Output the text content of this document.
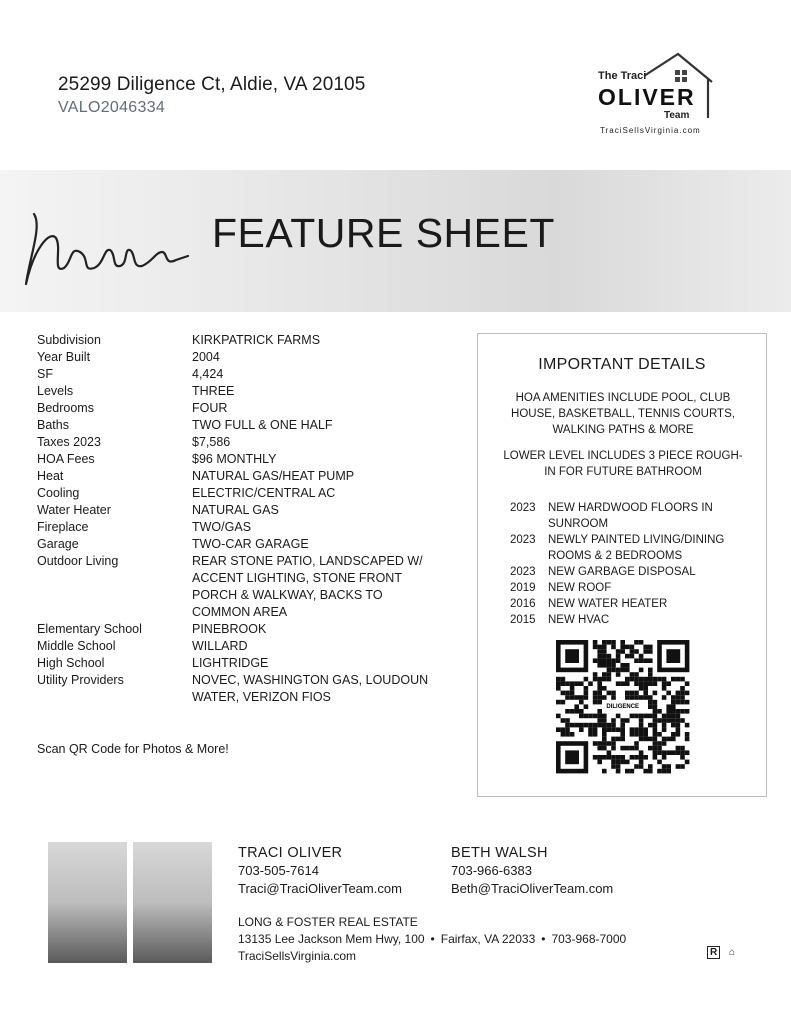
25299 Diligence Ct, Aldie, VA 20105
VALO2046334
The Traci
OLIVER
Team
TraciSellsVirginia.com
FEATURE SHEET
Subdivision	KIRKPATRICK FARMS
Year Built	2004
SF	4,424
Levels	THREE
Bedrooms	FOUR
Baths	TWO FULL & ONE HALF
Taxes 2023	$7,586
HOA Fees	$96 MONTHLY
Heat	NATURAL GAS/HEAT PUMP
Cooling	ELECTRIC/CENTRAL AC
Water Heater	NATURAL GAS
Fireplace	TWO/GAS
Garage	TWO-CAR GARAGE
Outdoor Living	REAR STONE PATIO, LANDSCAPED W/ ACCENT LIGHTING, STONE FRONT PORCH & WALKWAY, BACKS TO COMMON AREA
Elementary School	PINEBROOK
Middle School	WILLARD
High School	LIGHTRIDGE
Utility Providers	NOVEC, WASHINGTON GAS, LOUDOUN WATER, VERIZON FIOS
Scan QR Code for Photos & More!
IMPORTANT DETAILS
HOA AMENITIES INCLUDE POOL, CLUB HOUSE, BASKETBALL, TENNIS COURTS, WALKING PATHS & MORE
LOWER LEVEL INCLUDES 3 PIECE ROUGH-IN FOR FUTURE BATHROOM
2023	NEW HARDWOOD FLOORS IN SUNROOM
2023	NEWLY PAINTED LIVING/DINING ROOMS & 2 BEDROOMS
2023	NEW GARBAGE DISPOSAL
2019	NEW ROOF
2016	NEW WATER HEATER
2015	NEW HVAC
DILIGENCE
TRACI OLIVER
703-505-7614
Traci@TraciOliverTeam.com
BETH WALSH
703-966-6383
Beth@TraciOliverTeam.com
LONG & FOSTER REAL ESTATE
13135 Lee Jackson Mem Hwy, 100 • Fairfax, VA 22033 • 703-968-7000
TraciSellsVirginia.com	R ⌂
